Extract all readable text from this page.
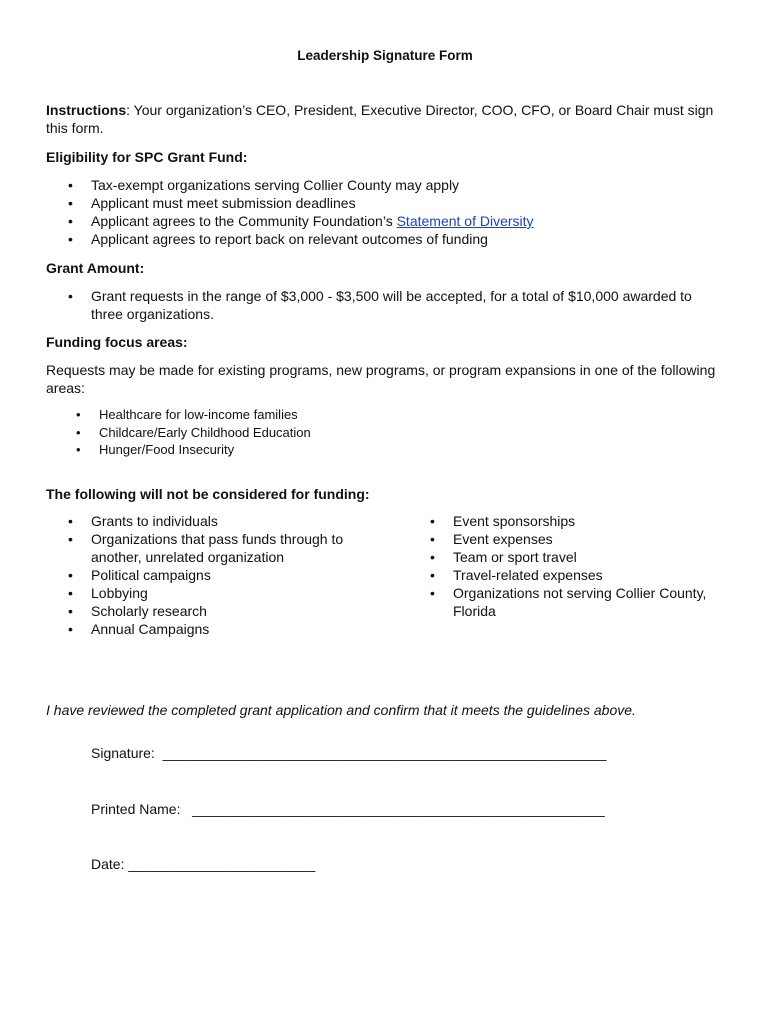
Leadership Signature Form

Instructions: Your organization’s CEO, President, Executive Director, COO, CFO, or Board Chair must sign this form.

Eligibility for SPC Grant Fund:
• Tax-exempt organizations serving Collier County may apply
• Applicant must meet submission deadlines
• Applicant agrees to the Community Foundation’s Statement of Diversity
• Applicant agrees to report back on relevant outcomes of funding
Grant Amount:
• Grant requests in the range of $3,000 - $3,500 will be accepted, for a total of $10,000 awarded to three organizations.
Funding focus areas:
Requests may be made for existing programs, new programs, or program expansions in one of the following areas:
• Healthcare for low-income families
• Childcare/Early Childhood Education
• Hunger/Food Insecurity
The following will not be considered for funding:
• Grants to individuals
• Organizations that pass funds through to another, unrelated organization
• Political campaigns
• Lobbying
• Scholarly research
• Annual Campaigns
• Event sponsorships
• Event expenses
• Team or sport travel
• Travel-related expenses
• Organizations not serving Collier County, Florida
I have reviewed the completed grant application and confirm that it meets the guidelines above.
Signature: _________________________________________________________
Printed Name: _____________________________________________________
Date: ________________________
